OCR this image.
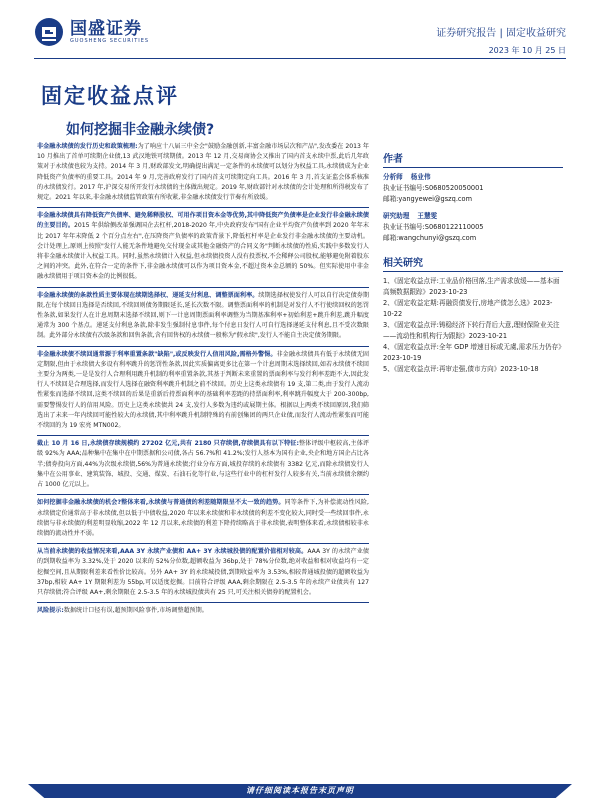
国盛证券
GUOSHENG SECURITIES
证券研究报告 | 固定收益研究
2023 年 10 月 25 日
固定收益点评
如何挖掘非金融永续债?

非金融永续债的发行历史和政策梳理:为了响应十八届三中全会"鼓励金融创新,丰富金融市场层次和产品",发改委在 2013 年 10 月推出了首单可续期企业债,13 武汉地铁可续期债。2013 年 12 月,交易商协会又推出了国内首支永续中票,此后几年政策对于永续债也较为支持。2014 年 3 月,财政部发文,明确提出满足一定条件的永续债可以划分为权益工具,永续债成为企业降低资产负债率的重要工具。2014 年 9 月,完善政府发行了国内首支可续期定向工具。2016 年 3 月,首支证监会体系核准的永续债发行。2017 年,沪深交易所开发行永续债的主体做出规定。2019 年,财政部针对永续债的会计处理和所得税发布了规定。2021 年以来,非金融永续债监管政策有所收紧,非金融永续债发行节奏有所放缓。

非金融永续债具有降低资产负债率、避免稀释股权、可用作项目资本金等优势,其中降低资产负债率是企业发行非金融永续债的主要目的。2015 年供给侧改革强调国企去杠杆,2018-2020 年,中央政府发布"国有企业平均资产负债率到 2020 年年末比 2017 年年末降低 2 个百分点左右",在压降资产负债率的政策背景下,降低杠杆率是企业发行非金融永续债的主要动机。会计处理上,原则上按照"发行人能无条件地避免交付现金或其他金融资产的合同义务"判断永续债的性质,实践中多数发行人将非金融永续债计入权益工具。同时,虽然永续债计入权益,但永续债投资人没有投票权,不会稀释公司股权,能够避免附着股东之间的冲突。此外,在符合一定的条件下,非金融永续债可以作为项目资本金,不超过资本金总额的 50%。但实际使用中非金融永续债用于项目资本金的比例很低。

非金融永续债的条款性质主要体现在续期选择权、递延支付利息、调整票面利率。续期选择权使发行人可以自行决定债券期限,在每个续回日选择是否续回,不续回则债务期限延长,延长次数不限。调整票面利率的机制是对发行人不行使续回权的惩罚性条款,如果发行人在计息周期末选择不续回,则下一计息周期票面利率调整为当期基准利率+初始利差+跳升利差,跳升幅度通常为 300 个基点。递延支付利息条款,除非发生强制付息事件,每个付息日发行人可自行选择递延支付利息,且不受次数限制。此外部分永续债有次级条款和回售条款,含有回售权的永续债一般称为"假永续",发行人不能自主决定债务期限。

非金融永续债不续回通常源于利率重置条款"缺陷",或反映发行人信用风险,需格外警惕。非金融永续债具有低于永续债无固定期限,但由于永续债大多设有利率跳升的惩罚性条款,因此实质偏离更多比在第一个计息周期末选择续回,如若永续债不续回主要分为两类,一是是发行人合理利用跳升机制的利率重置条款,其基于判断未来重置的票面利率与发行利率差距不大,因此发行人不续回是合理选择,而发行人选择在融资利率跳升机制之前不续回。历史上这类永续债有 19 支,第二类,由于发行人流动性紧张而选择不续回,这类不续回的后果是重新后持票面利率的基础利率差距的持票面利率,利率跳升幅度大于 200-300bp,需要警惕发行人的信用风险。历史上这类永续债共 24 支,发行人多数为违约或展期主体。根据以上两类不续回原因,我们筛选出了未来一年内续回可能性较大的永续债,其中利率跳升机制特殊的有前创集团的两只企业债,而发行人流动性紧张而可能不续回的为 19 宏亮 MTN002。

截止 10 月 16 日,永续债存续规模约 27202 亿元,共有 2180 只存续债,存续债具有以下特征:整体评级中枢较高,主体评级 92%为 AAA;品种集中在集中在中期票据和公司债,各占 56.7%和 41.2%;发行人基本为国有企业,央企和地方国企占比各半;债券投向方面,44%为次级永续债,56%为普通永续债;行业分布方面,城投存续的永续债有 3382 亿元,而除永续债发行人集中在公用事业、建筑装饰、城投、交通、煤炭、石油石化等行业,与这些行业中的杠杆发行人较多有关,当前永续债余额约占 1000 亿元以上。

如何挖掘非金融永续债的机会?整体来看,永续债与普通债的利差随期限呈不太一致的趋势。同等条件下,为补偿流动性风险,永续债定价通常高于非永续债,但以低于中债收益,2020 年以来永续债和非永续债的利差不变化较大,同时受一些续回事件,永续债与非永续债的利差明显收缩,2022 年 12 月以来,永续债的利差下降持续略高于非永续债,表明整体来看,永续债相较非永续债的流动性并不弱。

从当前永续债的收益情况来看,AAA 3Y 永续产业债和 AA+ 3Y 永续城投债的配置价值相对较高。AAA 3Y 的永续产业债的到期收益率为 3.32%,处于 2020 以来的 52%分位数,超额收益为 36bp,处于 78%分位数,绝对收益和相对收益均有一定挖掘空间,且从期限利差来看性价比较高。另外 AA+ 3Y 的永续城投债,到期收益率为 3.53%,相较普通城投债的超额收益为 37bp,相较 AA+ 1Y 期限利差为 55bp,可以适度挖掘。目前符合评级 AAA,剩余期限在 2.5-3.5 年的永续产业债共有 127 只存续债;符合评级 AA+,剩余期限在 2.5-3.5 年的永续城投债共有 25 只,可关注相关债券的配置机会。

风险提示:数据统计口径有误,超预期风险事件,市场调整超预期。

作者
分析师 杨业伟
执业证书编号:S0680520050001
邮箱:yangyewei@gszq.com
研究助理 王慧雯
执业证书编号:S0680122110005
邮箱:wangchunyi@gszq.com
相关研究
1、《固定收益点评:工业品价格回落,生产需求放缓——基本面高频数据跟踪》2023-10-23
2、《固定收益定期:再融资债发行,房地产债怎么选》2023-10-22
3、《固定收益点评:铸稳经济下转行背后大意,理财保险业关注——流动性和机构行为跟踪》2023-10-21
4、《固定收益点评:全年 GDP 增速目标或无虞,需求压力仍存》2023-10-19
5、《固定收益点评:再审走强,债市方向》2023-10-18
请仔细阅读本报告末页声明
